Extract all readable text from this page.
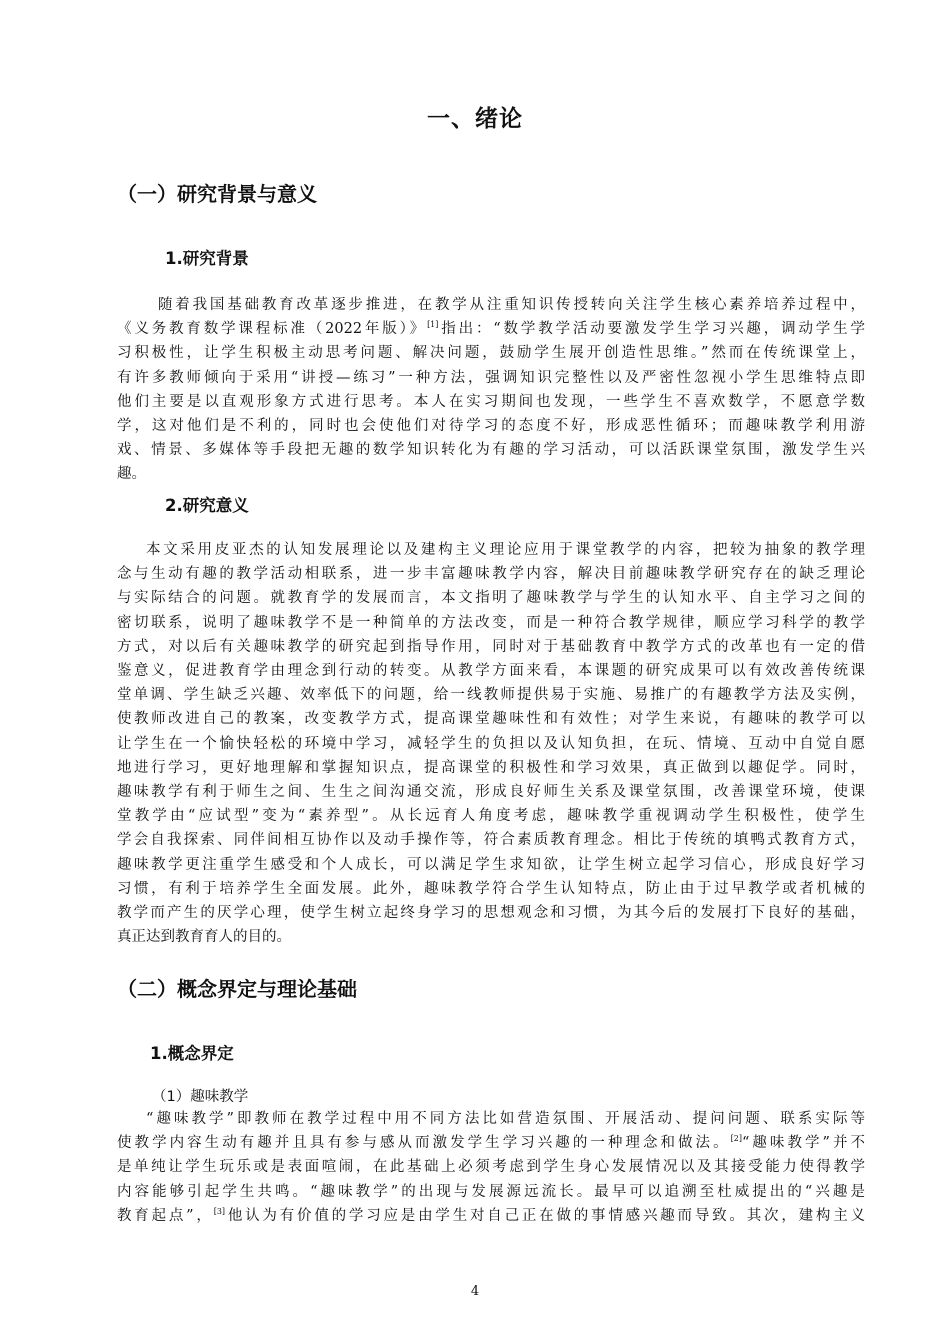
一、绪论
（一）研究背景与意义
1.研究背景

随着我国基础教育改革逐步推进，在教学从注重知识传授转向关注学生核心素养培养过程中，
《义务教育数学课程标准（2022年版）》[1]指出：“数学教学活动要激发学生学习兴趣，调动学生学
习积极性，让学生积极主动思考问题、解决问题，鼓励学生展开创造性思维。”然而在传统课堂上，
有许多教师倾向于采用“讲授—练习”一种方法，强调知识完整性以及严密性忽视小学生思维特点即
他们主要是以直观形象方式进行思考。本人在实习期间也发现，一些学生不喜欢数学，不愿意学数
学，这对他们是不利的，同时也会使他们对待学习的态度不好，形成恶性循环；而趣味教学利用游
戏、情景、多媒体等手段把无趣的数学知识转化为有趣的学习活动，可以活跃课堂氛围，激发学生兴
趣。

2.研究意义

本文采用皮亚杰的认知发展理论以及建构主义理论应用于课堂教学的内容，把较为抽象的教学理
念与生动有趣的教学活动相联系，进一步丰富趣味教学内容，解决目前趣味教学研究存在的缺乏理论
与实际结合的问题。就教育学的发展而言，本文指明了趣味教学与学生的认知水平、自主学习之间的
密切联系，说明了趣味教学不是一种简单的方法改变，而是一种符合教学规律，顺应学习科学的教学
方式，对以后有关趣味教学的研究起到指导作用，同时对于基础教育中教学方式的改革也有一定的借
鉴意义，促进教育学由理念到行动的转变。从教学方面来看，本课题的研究成果可以有效改善传统课
堂单调、学生缺乏兴趣、效率低下的问题，给一线教师提供易于实施、易推广的有趣教学方法及实例，
使教师改进自己的教案，改变教学方式，提高课堂趣味性和有效性；对学生来说，有趣味的教学可以
让学生在一个愉快轻松的环境中学习，减轻学生的负担以及认知负担，在玩、情境、互动中自觉自愿
地进行学习，更好地理解和掌握知识点，提高课堂的积极性和学习效果，真正做到以趣促学。同时，
趣味教学有利于师生之间、生生之间沟通交流，形成良好师生关系及课堂氛围，改善课堂环境，使课
堂教学由“应试型”变为“素养型”。从长远育人角度考虑，趣味教学重视调动学生积极性，使学生
学会自我探索、同伴间相互协作以及动手操作等，符合素质教育理念。相比于传统的填鸭式教育方式，
趣味教学更注重学生感受和个人成长，可以满足学生求知欲，让学生树立起学习信心，形成良好学习
习惯，有利于培养学生全面发展。此外，趣味教学符合学生认知特点，防止由于过早教学或者机械的
教学而产生的厌学心理，使学生树立起终身学习的思想观念和习惯，为其今后的发展打下良好的基础，
真正达到教育育人的目的。

（二）概念界定与理论基础
1.概念界定
（1）趣味教学

“趣味教学”即教师在教学过程中用不同方法比如营造氛围、开展活动、提问问题、联系实际等
使教学内容生动有趣并且具有参与感从而激发学生学习兴趣的一种理念和做法。[2]“趣味教学”并不
是单纯让学生玩乐或是表面喧闹，在此基础上必须考虑到学生身心发展情况以及其接受能力使得教学
内容能够引起学生共鸣。“趣味教学”的出现与发展源远流长。最早可以追溯至杜威提出的“兴趣是
教育起点”，[3]他认为有价值的学习应是由学生对自己正在做的事情感兴趣而导致。其次，建构主义

4
